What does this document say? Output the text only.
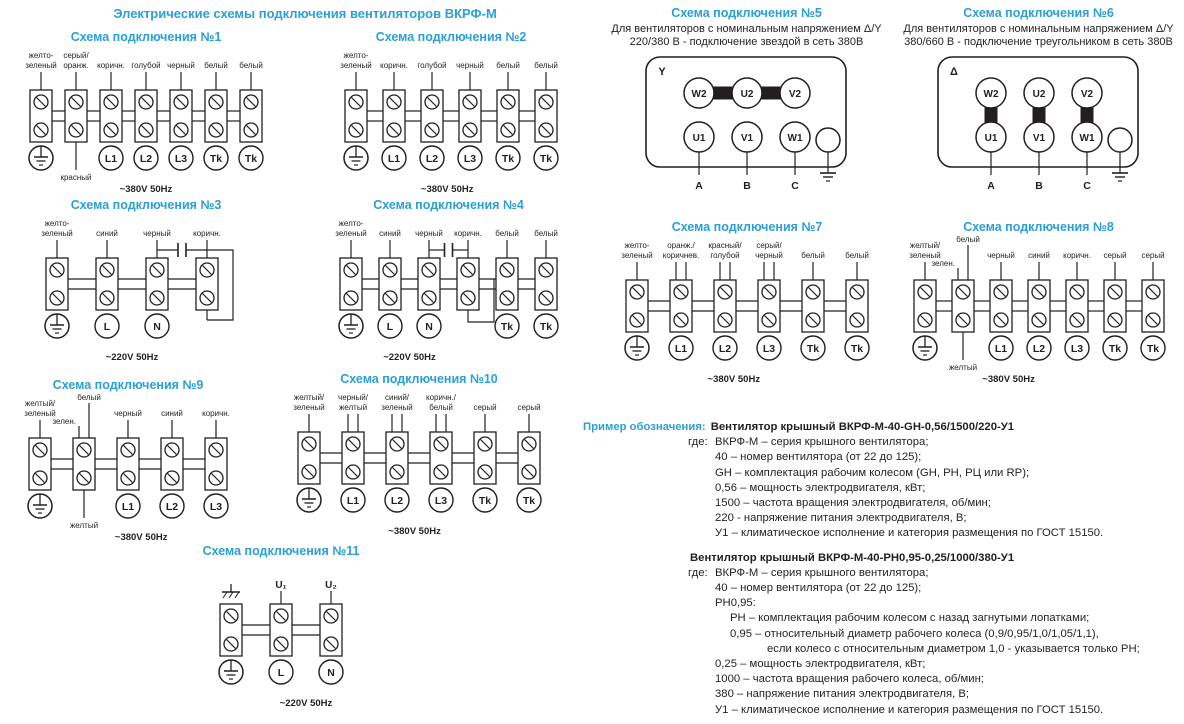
Электрические схемы подключения вентиляторов ВКРФ-М
Схема подключения №1
желто-
зеленый
серый/
оранж.
красный
коричн.
L1
голубой
L2
черный
L3
белый
Tk
белый
Tk
~380V 50Hz
Схема подключения №2
желто-
зеленый коричн.
L1
голубой
L2
черный
L3
белый
Tk
белый
Tk
~380V 50Hz
Схема подключения №3
желто-
зеленый	синий
L
черный
N
коричн.
~220V 50Hz
Схема подключения №4
желто-
зеленый синий
L
черный
N
коричн. белый
Tk
белый
Tk
~220V 50Hz
Схема подключения №5

Для вентиляторов с номинальным напряжением Δ/Y 220/380 В - подключение звездой в сеть 380В

Y
W2	U2	V2
U1
A
V1
B
W1
C
Схема подключения №6

Для вентиляторов с номинальным напряжением Δ/Y 380/660 В - подключение треугольником в сеть 380В

Δ
W2	U2	V2
U1
A
V1
B
W1
C
Схема подключения №7
желто-
зеленый
оранж./
коричнев.
L1
красный/
голубой
L2
серый/
черный
L3
белый
Tk
белый
Tk
~380V 50Hz
Схема подключения №8
желтый/
зеленый
зелен.
белый
желтый
черный
L1
синий
L2
коричн.
L3
серый
Tk
серый
Tk
~380V 50Hz
Схема подключения №9
желтый/
зеленый
зелен.
белый
желтый
черный
L1
синий
L2
коричн.
L3
~380V 50Hz
Схема подключения №10
желтый/
зеленый
черный/
желтый
L1
синий/
зеленый
L2
коричн./
белый
L3
серый
Tk
серый
Tk
~380V 50Hz
Схема подключения №11
U₁
L
U₂
N
~220V 50Hz
Пример обозначения: Вентилятор крышный ВКРФ-М-40-GH-0,56/1500/220-У1
где: ВКРФ-М – серия крышного вентилятора;
40 – номер вентилятора (от 22 до 125);
GH – комплектация рабочим колесом (GH, РН, РЦ или RP);
0,56 – мощность электродвигателя, кВт;
1500 – частота вращения электродвигателя, об/мин;
220 - напряжение питания электродвигателя, В;
У1 – климатическое исполнение и категория размещения по ГОСТ 15150.
Вентилятор крышный ВКРФ-М-40-РН0,95-0,25/1000/380-У1
где: ВКРФ-М – серия крышного вентилятора;
40 – номер вентилятора (от 22 до 125);
РН0,95:
РН – комплектация рабочим колесом с назад загнутыми лопатками;
0,95 – относительный диаметр рабочего колеса (0,9/0,95/1,0/1,05/1,1),
если колесо с относительным диаметром 1,0 - указывается только РН;
0,25 – мощность электродвигателя, кВт;
1000 – частота вращения рабочего колеса, об/мин;
380 – напряжение питания электродвигателя, В;
У1 – климатическое исполнение и категория размещения по ГОСТ 15150.
